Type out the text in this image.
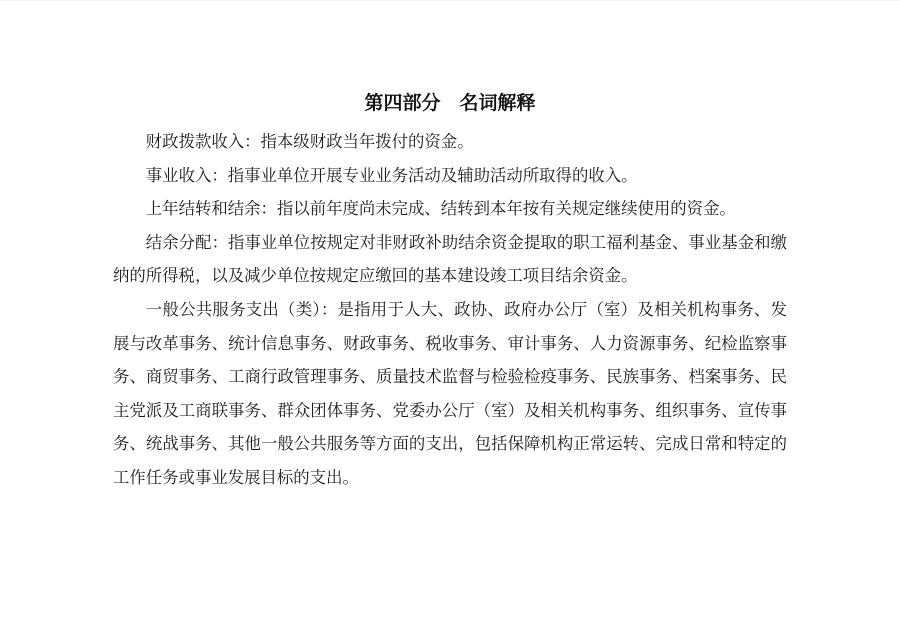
第四部分　名词解释

财政拨款收入：指本级财政当年拨付的资金。

事业收入：指事业单位开展专业业务活动及辅助活动所取得的收入。

上年结转和结余：指以前年度尚未完成、结转到本年按有关规定继续使用的资金。

结余分配：指事业单位按规定对非财政补助结余资金提取的职工福利基金、事业基金和缴纳的所得税，以及减少单位按规定应缴回的基本建设竣工项目结余资金。

一般公共服务支出（类）：是指用于人大、政协、政府办公厅（室）及相关机构事务、发展与改革事务、统计信息事务、财政事务、税收事务、审计事务、人力资源事务、纪检监察事务、商贸事务、工商行政管理事务、质量技术监督与检验检疫事务、民族事务、档案事务、民主党派及工商联事务、群众团体事务、党委办公厅（室）及相关机构事务、组织事务、宣传事务、统战事务、其他一般公共服务等方面的支出，包括保障机构正常运转、完成日常和特定的工作任务或事业发展目标的支出。
